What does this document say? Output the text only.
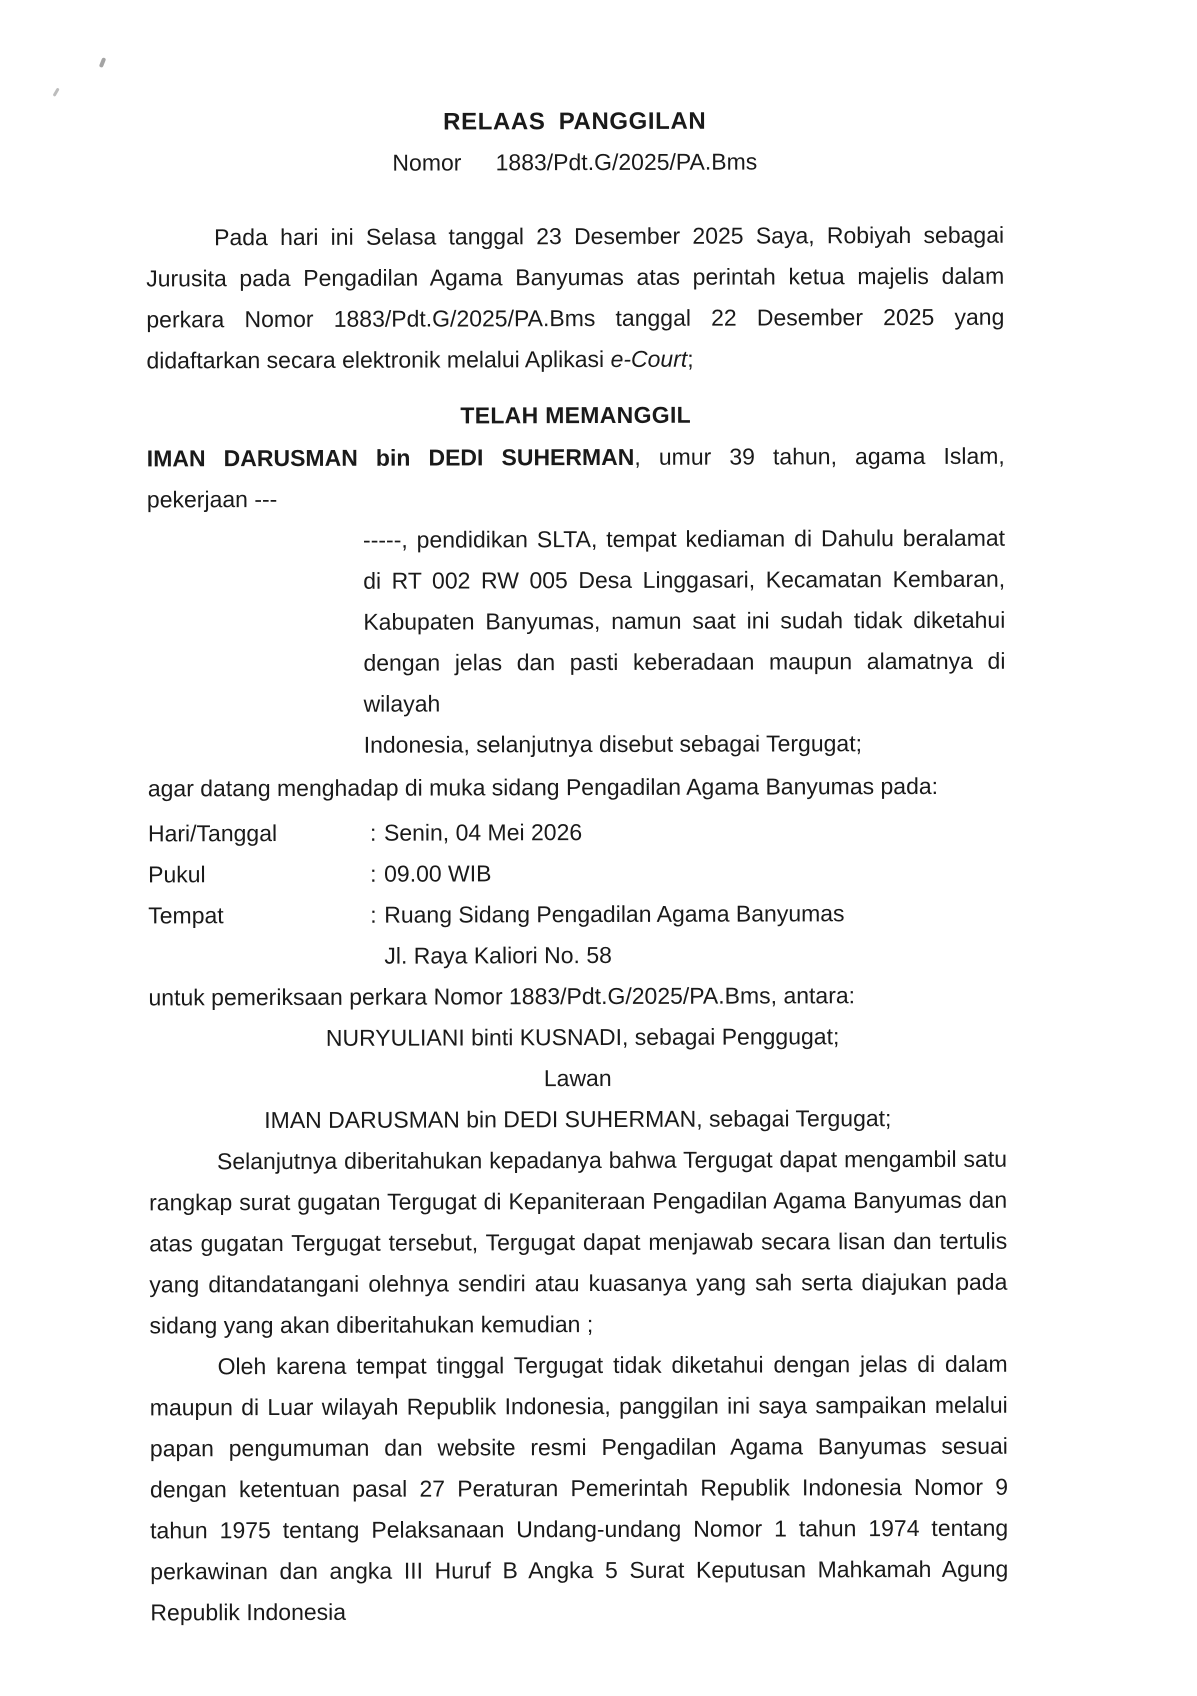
RELAAS PANGGILAN
Nomor 1883/Pdt.G/2025/PA.Bms

Pada hari ini Selasa tanggal 23 Desember 2025 Saya, Robiyah sebagai Jurusita pada Pengadilan Agama Banyumas atas perintah ketua majelis dalam perkara Nomor 1883/Pdt.G/2025/PA.Bms tanggal 22 Desember 2025 yang didaftarkan secara elektronik melalui Aplikasi e-Court;

TELAH MEMANGGIL
IMAN DARUSMAN bin DEDI SUHERMAN, umur 39 tahun, agama Islam, pekerjaan ---
-----, pendidikan SLTA, tempat kediaman di Dahulu beralamat di RT 002 RW 005 Desa Linggasari, Kecamatan Kembaran, Kabupaten Banyumas, namun saat ini sudah tidak diketahui dengan jelas dan pasti keberadaan maupun alamatnya di wilayah
Indonesia, selanjutnya disebut sebagai Tergugat;
agar datang menghadap di muka sidang Pengadilan Agama Banyumas pada:
Hari/Tanggal	: Senin, 04 Mei 2026
Pukul	: 09.00 WIB
Tempat	: Ruang Sidang Pengadilan Agama Banyumas
Jl. Raya Kaliori No. 58
untuk pemeriksaan perkara Nomor 1883/Pdt.G/2025/PA.Bms, antara:
NURYULIANI binti KUSNADI, sebagai Penggugat;
Lawan
IMAN DARUSMAN bin DEDI SUHERMAN, sebagai Tergugat;

Selanjutnya diberitahukan kepadanya bahwa Tergugat dapat mengambil satu rangkap surat gugatan Tergugat di Kepaniteraan Pengadilan Agama Banyumas dan atas gugatan Tergugat tersebut, Tergugat dapat menjawab secara lisan dan tertulis yang ditandatangani olehnya sendiri atau kuasanya yang sah serta diajukan pada sidang yang akan diberitahukan kemudian ;

Oleh karena tempat tinggal Tergugat tidak diketahui dengan jelas di dalam maupun di Luar wilayah Republik Indonesia, panggilan ini saya sampaikan melalui papan pengumuman dan website resmi Pengadilan Agama Banyumas sesuai dengan ketentuan pasal 27 Peraturan Pemerintah Republik Indonesia Nomor 9 tahun 1975 tentang Pelaksanaan Undang-undang Nomor 1 tahun 1974 tentang perkawinan dan angka III Huruf B Angka 5 Surat Keputusan Mahkamah Agung Republik Indonesia
